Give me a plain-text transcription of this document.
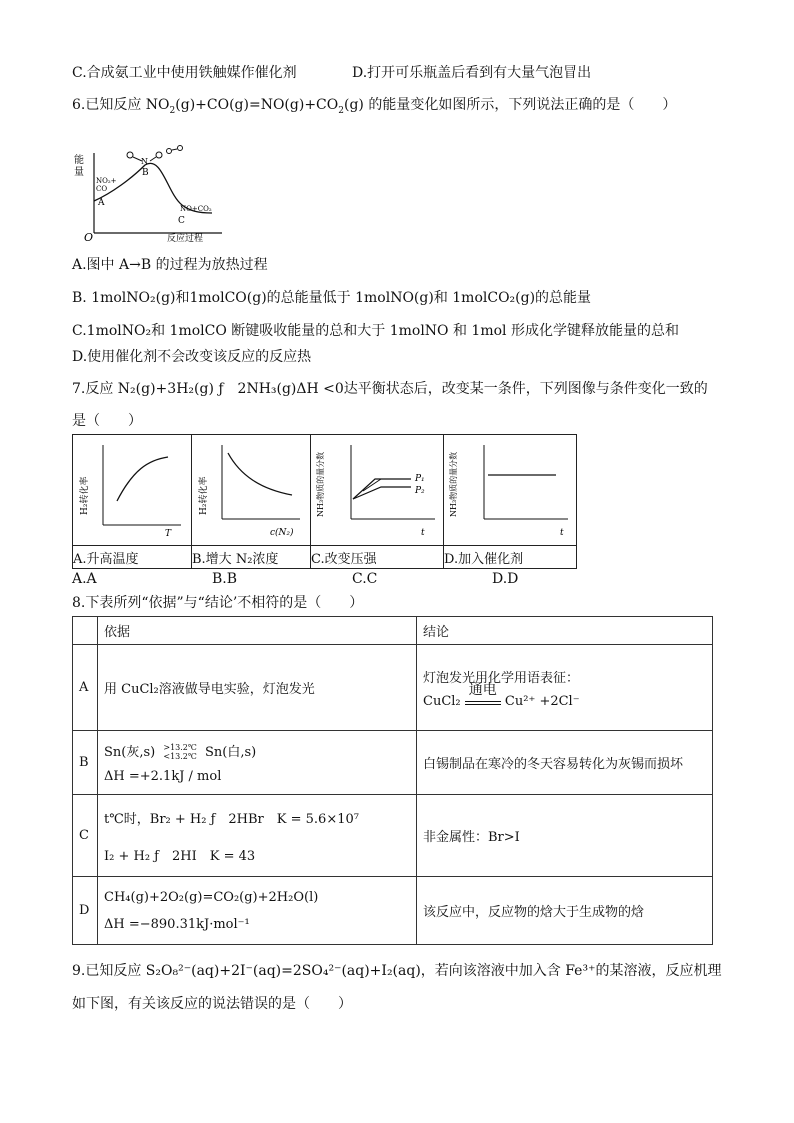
C.合成氨工业中使用铁触媒作催化剂	D.打开可乐瓶盖后看到有大量气泡冒出
6.已知反应 $NO_2(g)+CO(g)=NO(g)+CO_2(g)$ 的能量变化如图所示，下列说法正确的是（　　）
能
量
O	反应过程
NO₂+
CO
A
B
N
NO+CO₂
C
A.图中 A→B 的过程为放热过程
B. 1molNO₂(g)和1molCO(g)的总能量低于 1molNO(g)和 1molCO₂(g)的总能量
C.1molNO₂和 1molCO 断键吸收能量的总和大于 1molNO 和 1mol 形成化学键释放能量的总和
D.使用催化剂不会改变该反应的反应热
7.反应 N₂(g)+3H₂(g) ƒ　2NH₃(g)ΔH <0达平衡状态后，改变某一条件，下列图像与条件变化一致的
是（　　）
H₂转化率
T	H₂转化率
c(N₂)	NH₃物质的量分数 P₁
P₂
t	NH₃物质的量分数
t

A.升高温度	B.增大 N₂浓度	C.改变压强	D.加入催化剂
A.A	B.B	C.C	D.D
8.下表所列“依据”与“结论’不相符的是（　　）
	依据	结论
A	用 CuCl₂溶液做导电实验，灯泡发光	灯泡发光用化学用语表征：
CuCl₂
通电
Cu²⁺ +2Cl⁻

B	Sn(灰,s) >13.2℃
<13.2℃ Sn(白,s)
ΔH =+2.1kJ / mol	白锡制品在寒冷的冬天容易转化为灰锡而损坏
C	t℃时，Br₂ + H₂ ƒ　2HBr　K = 5.6×10⁷
I₂ + H₂ ƒ　2HI　K = 43	非金属性：Br>I
D	CH₄(g)+2O₂(g)=CO₂(g)+2H₂O(l)
ΔH =−890.31kJ·mol⁻¹	该反应中，反应物的焓大于生成物的焓
9.已知反应 S₂O₈²⁻(aq)+2I⁻(aq)=2SO₄²⁻(aq)+I₂(aq)，若向该溶液中加入含 Fe³⁺的某溶液，反应机理
如下图，有关该反应的说法错误的是（　　）
